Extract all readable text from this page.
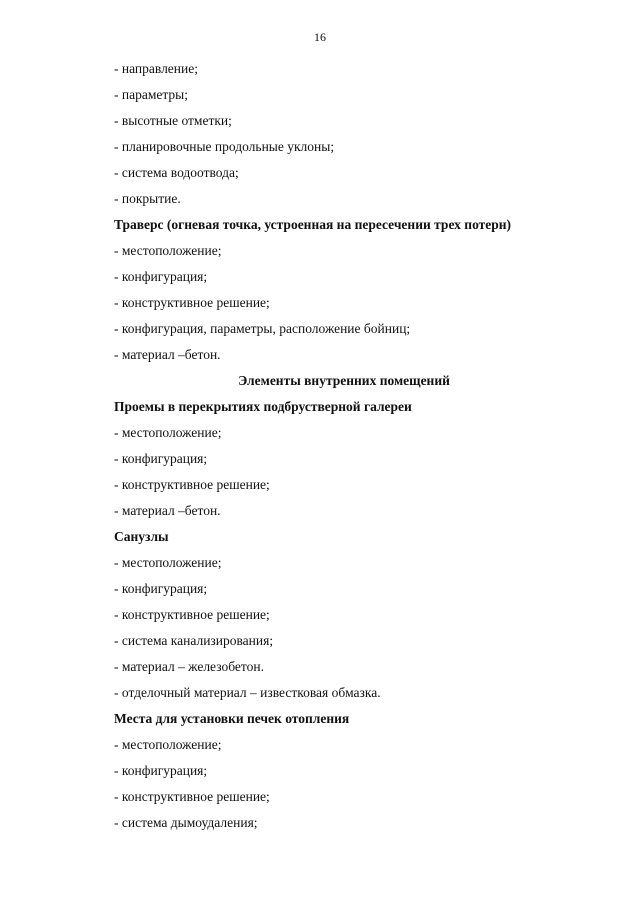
16
- направление;
- параметры;
- высотные отметки;
- планировочные продольные уклоны;
- система водоотвода;
- покрытие.
Траверс (огневая точка, устроенная на пересечении трех потерн)
- местоположение;
- конфигурация;
- конструктивное решение;
- конфигурация, параметры, расположение бойниц;
- материал –бетон.
Элементы внутренних помещений
Проемы в перекрытиях подбрустверной галереи
- местоположение;
- конфигурация;
- конструктивное решение;
- материал –бетон.
Санузлы
- местоположение;
- конфигурация;
- конструктивное решение;
- система канализирования;
- материал – железобетон.
- отделочный материал – известковая обмазка.
Места для установки печек отопления
- местоположение;
- конфигурация;
- конструктивное решение;
- система дымоудаления;
